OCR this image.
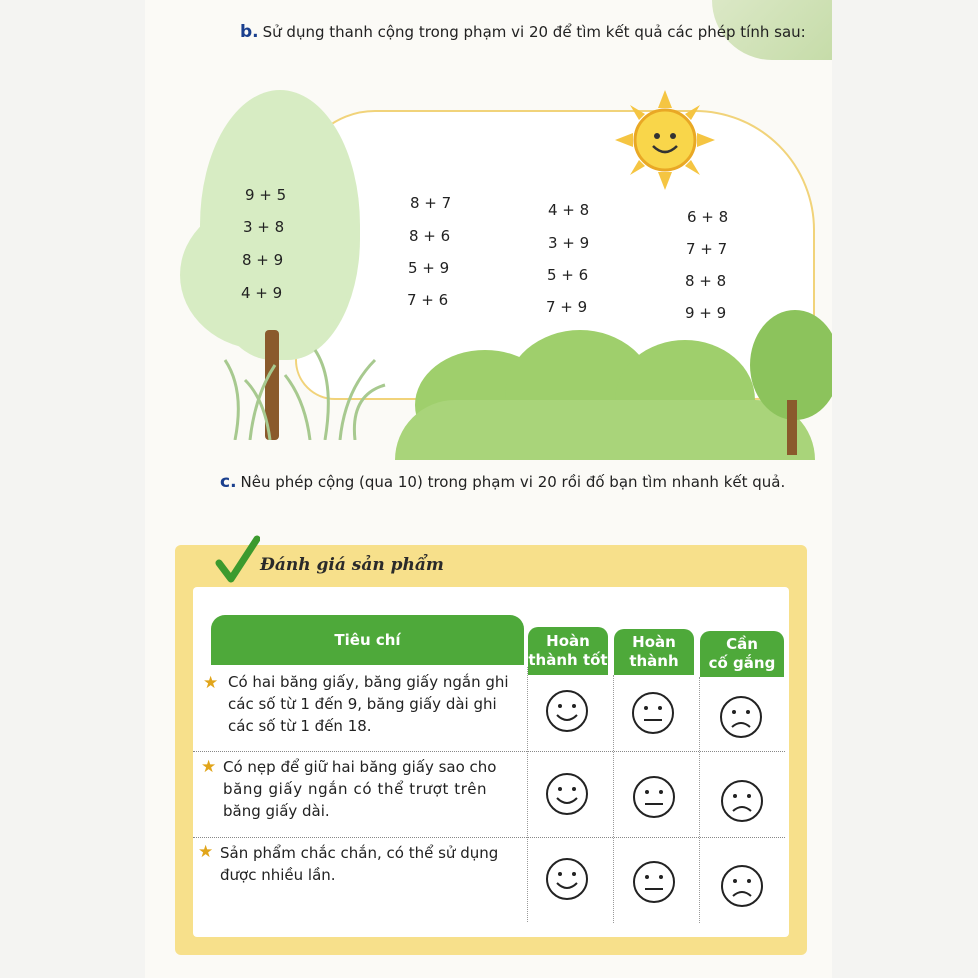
b. Sử dụng thanh cộng trong phạm vi 20 để tìm kết quả các phép tính sau:
9 + 5
3 + 8
8 + 9
4 + 9
8 + 7
8 + 6
5 + 9
7 + 6
4 + 8
3 + 9
5 + 6
7 + 9
6 + 8
7 + 7
8 + 8
9 + 9
c. Nêu phép cộng (qua 10) trong phạm vi 20 rồi đố bạn tìm nhanh kết quả.
Đánh giá sản phẩm
Tiêu chí	Hoàn
thành tốt
Hoàn
thành
Cần
cố gắng
★ Có hai băng giấy, băng giấy ngắn ghi
các số từ 1 đến 9, băng giấy dài ghi
các số từ 1 đến 18.
★ Có nẹp để giữ hai băng giấy sao cho
băng giấy ngắn có thể trượt trên
băng giấy dài.
★ Sản phẩm chắc chắn, có thể sử dụng
được nhiều lần.
